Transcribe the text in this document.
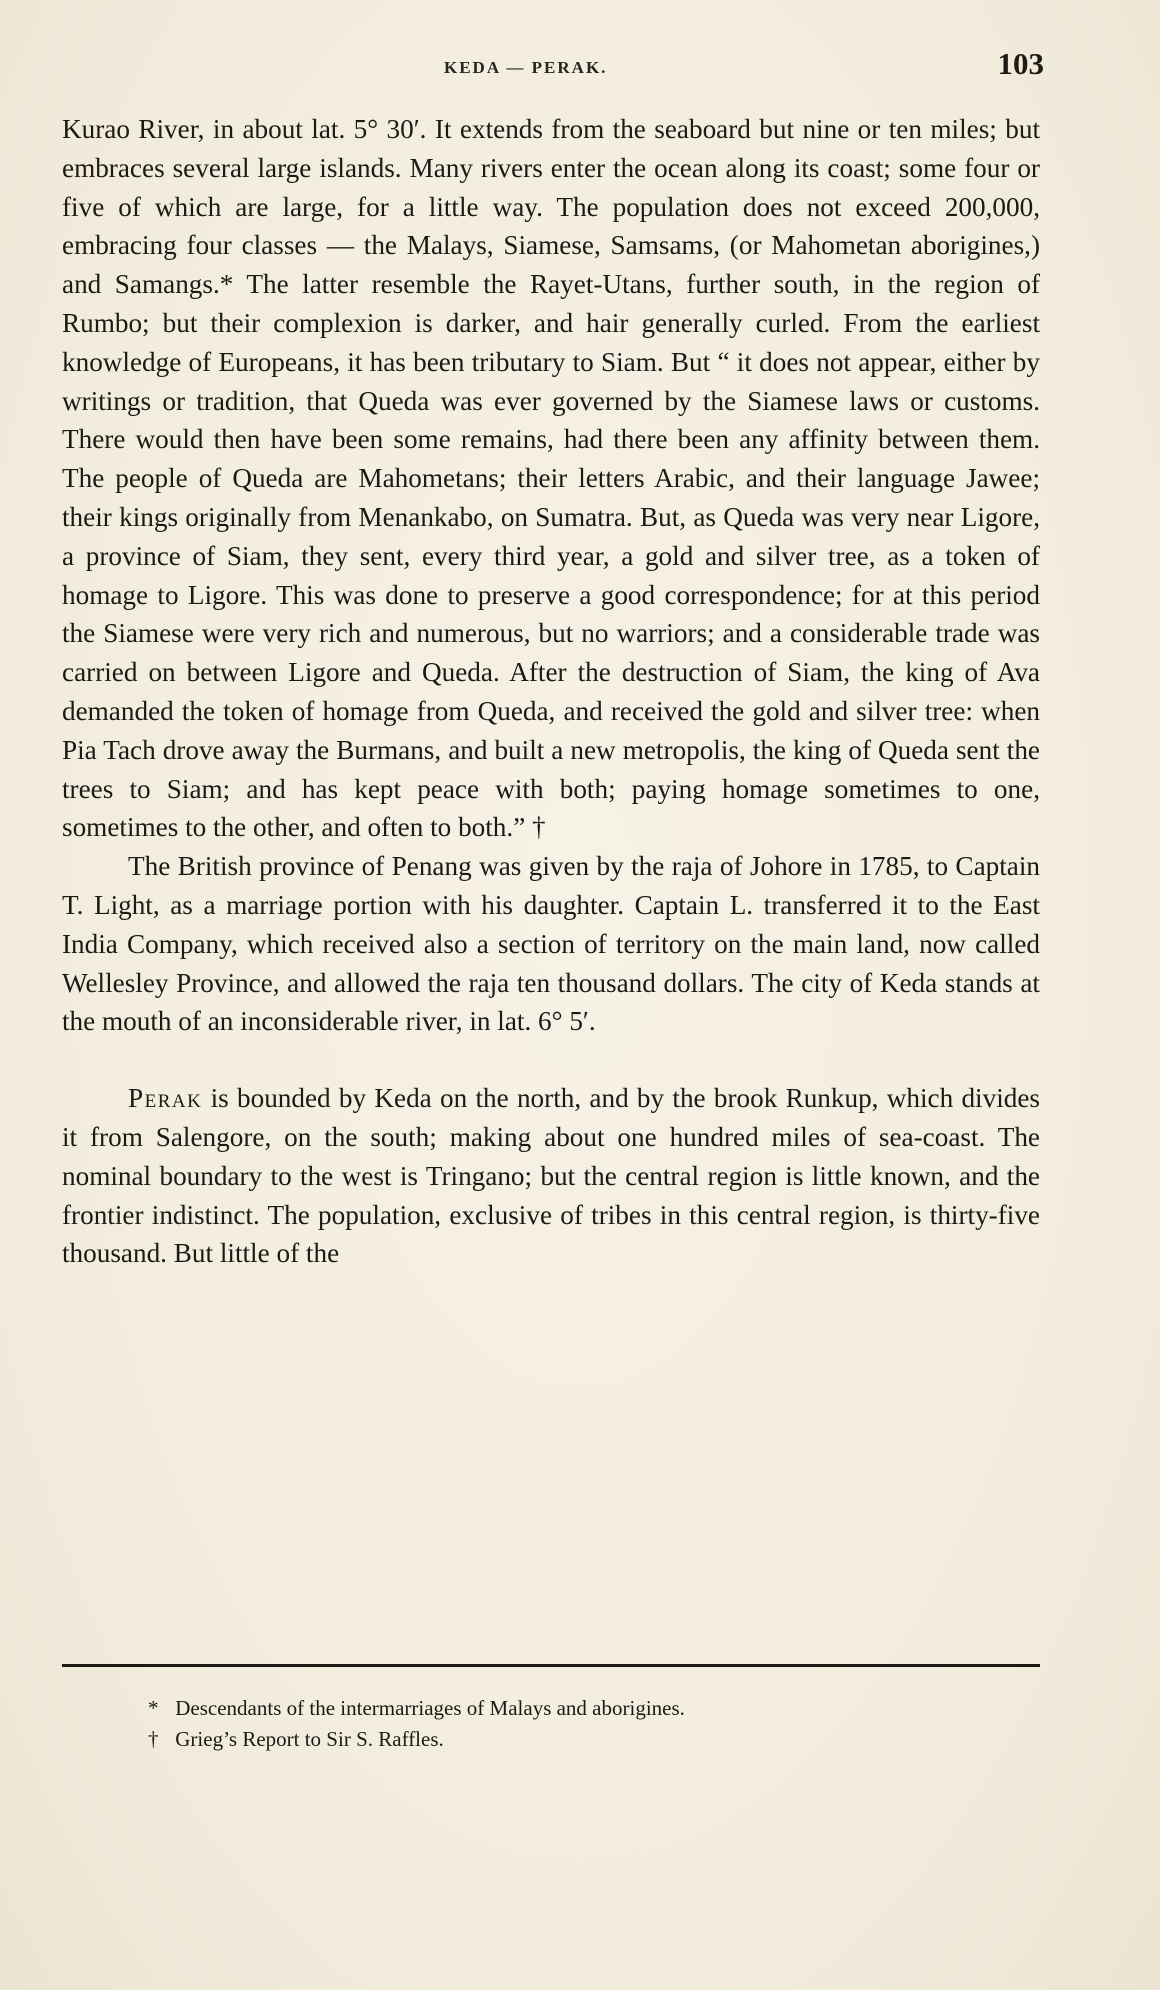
KEDA — PERAK.	103

Kurao River, in about lat. 5° 30′. It extends from the seaboard but nine or ten miles; but embraces several large islands. Many rivers enter the ocean along its coast; some four or five of which are large, for a little way. The population does not exceed 200,000, embracing four classes — the Malays, Siamese, Samsams, (or Mahometan aborigines,) and Samangs.* The latter resemble the Rayet-Utans, further south, in the region of Rumbo; but their complexion is darker, and hair generally curled. From the earliest knowledge of Europeans, it has been tributary to Siam. But “ it does not appear, either by writings or tradition, that Queda was ever governed by the Siamese laws or customs. There would then have been some remains, had there been any affinity between them. The people of Queda are Mahometans; their letters Arabic, and their language Jawee; their kings originally from Menankabo, on Sumatra. But, as Queda was very near Ligore, a province of Siam, they sent, every third year, a gold and silver tree, as a token of homage to Ligore. This was done to preserve a good correspondence; for at this period the Siamese were very rich and numerous, but no warriors; and a considerable trade was carried on between Ligore and Queda. After the destruction of Siam, the king of Ava demanded the token of homage from Queda, and received the gold and silver tree: when Pia Tach drove away the Burmans, and built a new metropolis, the king of Queda sent the trees to Siam; and has kept peace with both; paying homage sometimes to one, sometimes to the other, and often to both.” †

The British province of Penang was given by the raja of Johore in 1785, to Captain T. Light, as a marriage portion with his daughter. Captain L. transferred it to the East India Company, which received also a section of territory on the main land, now called Wellesley Province, and allowed the raja ten thousand dollars. The city of Keda stands at the mouth of an inconsiderable river, in lat. 6° 5′.

Perak is bounded by Keda on the north, and by the brook Runkup, which divides it from Salengore, on the south; making about one hundred miles of sea-coast. The nominal boundary to the west is Tringano; but the central region is little known, and the frontier indistinct. The population, exclusive of tribes in this central region, is thirty-five thousand. But little of the

* Descendants of the intermarriages of Malays and aborigines.

† Grieg’s Report to Sir S. Raffles.
